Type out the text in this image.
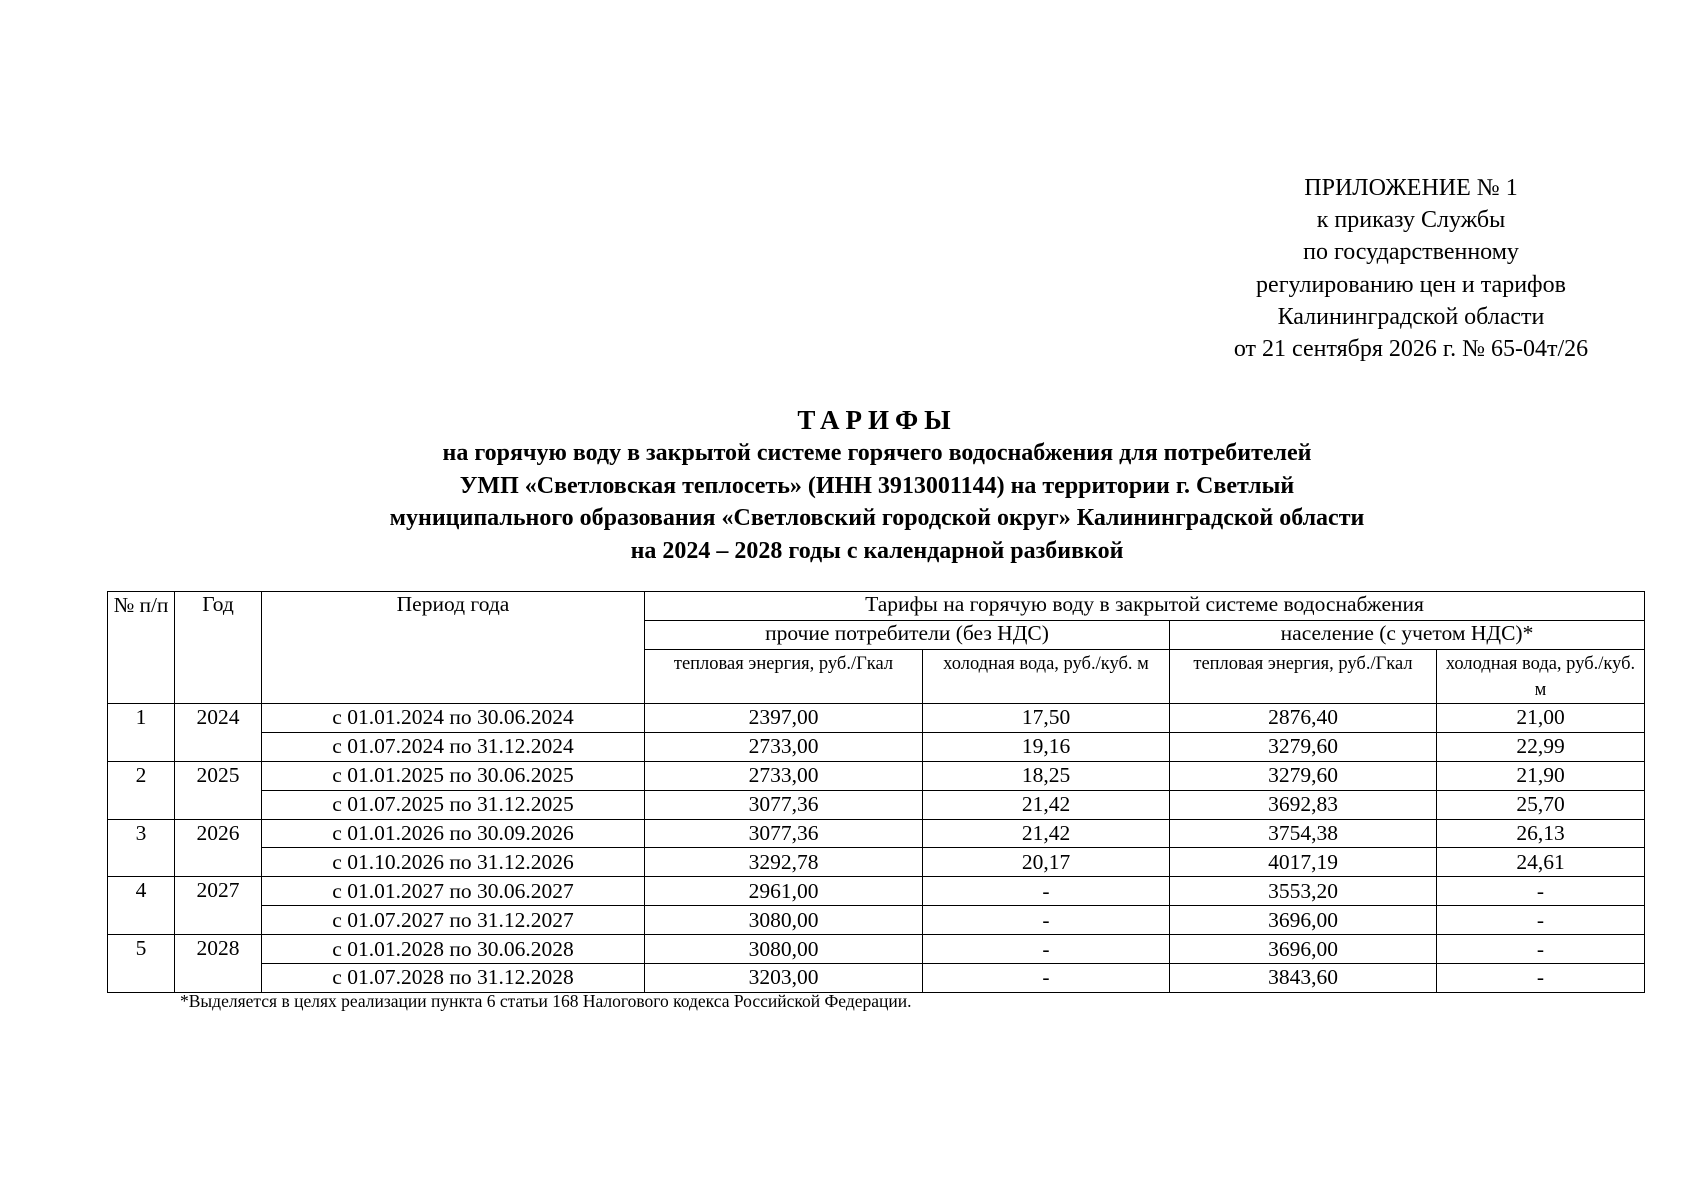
ПРИЛОЖЕНИЕ № 1
к приказу Службы
по государственному
регулированию цен и тарифов
Калининградской области
от 21 сентября 2026 г. № 65-04т/26
ТАРИФЫ
на горячую воду в закрытой системе горячего водоснабжения для потребителей
УМП «Светловская теплосеть» (ИНН 3913001144) на территории г. Светлый
муниципального образования «Светловский городской округ» Калининградской области
на 2024 – 2028 годы с календарной разбивкой
№ п/п	Год	Период года	Тарифы на горячую воду в закрытой системе водоснабжения			
			прочие потребители (без НДС)		население (с учетом НДС)*	
			тепловая энергия, руб./Гкал	холодная вода, руб./куб. м	тепловая энергия, руб./Гкал	холодная вода, руб./куб. м
1	2024	с 01.01.2024 по 30.06.2024	2397,00	17,50	2876,40	21,00
		с 01.07.2024 по 31.12.2024	2733,00	19,16	3279,60	22,99
2	2025	с 01.01.2025 по 30.06.2025	2733,00	18,25	3279,60	21,90
		с 01.07.2025 по 31.12.2025	3077,36	21,42	3692,83	25,70
3	2026	с 01.01.2026 по 30.09.2026	3077,36	21,42	3754,38	26,13
		с 01.10.2026 по 31.12.2026	3292,78	20,17	4017,19	24,61
4	2027	с 01.01.2027 по 30.06.2027	2961,00	-	3553,20	-
		с 01.07.2027 по 31.12.2027	3080,00	-	3696,00	-
5	2028	с 01.01.2028 по 30.06.2028	3080,00	-	3696,00	-
		с 01.07.2028 по 31.12.2028	3203,00	-	3843,60	-
*Выделяется в целях реализации пункта 6 статьи 168 Налогового кодекса Российской Федерации.
